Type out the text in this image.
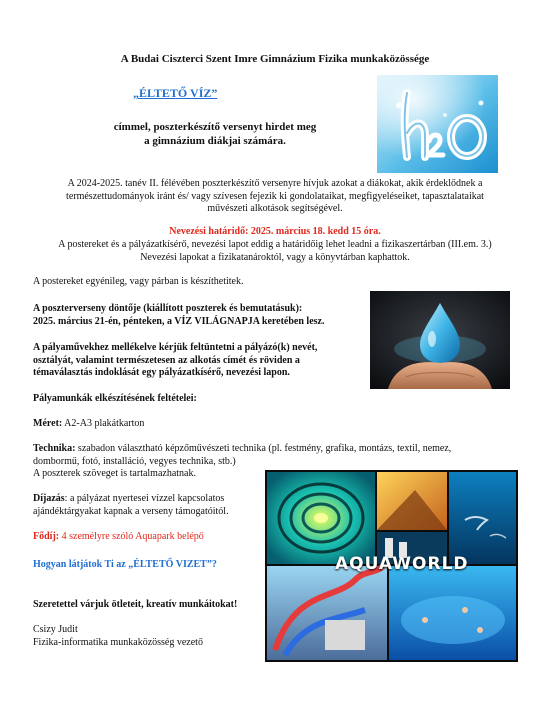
A Budai Ciszterci Szent Imre Gimnázium Fizika munkaközössége
„ÉLTETŐ VÍZ”
címmel, poszterkészítő versenyt hirdet meg
a gimnázium diákjai számára.
A 2024-2025. tanév II. félévében poszterkészítő versenyre hívjuk azokat a diákokat, akik érdeklődnek a
természettudományok iránt és/ vagy szívesen fejezik ki gondolataikat, megfigyeléseiket, tapasztalataikat
művészeti alkotások segítségével.
Nevezési határidő: 2025. március 18. kedd 15 óra.
A postereket és a pályázatkísérő, nevezési lapot eddig a határidőig lehet leadni a fizikaszertárban (III.em. 3.)
Nevezési lapokat a fizikatanároktól, vagy a könyvtárban kaphattok.
A postereket egyénileg, vagy párban is készíthetitek.
A poszterverseny döntője (kiállított poszterek és bemutatásuk):
2025. március 21-én, pénteken, a VÍZ VILÁGNAPJA keretében lesz.
A pályaművekhez mellékelve kérjük feltüntetni a pályázó(k) nevét,
osztályát, valamint természetesen az alkotás címét és röviden a
témaválasztás indoklását egy pályázatkísérő, nevezési lapon.
Pályamunkák elkészítésének feltételei:
Méret: A2-A3 plakátkarton
Technika: szabadon választható képzőművészeti technika (pl. festmény, grafika, montázs, textil, nemez,
dombormű, fotó, installáció, vegyes technika, stb.)
A poszterek szöveget is tartalmazhatnak.
Díjazás: a pályázat nyertesei vízzel kapcsolatos
ajándéktárgyakat kapnak a verseny támogatóitól.
Fődíj: 4 személyre szóló Aquapark belépő
Hogyan látjátok Ti az „ÉLTETŐ VIZET”?
Szeretettel várjuk ötleteit, kreatív munkáitokat!
Csizy Judit
Fizika-informatika munkaközösség vezető
AQUAWORLD
